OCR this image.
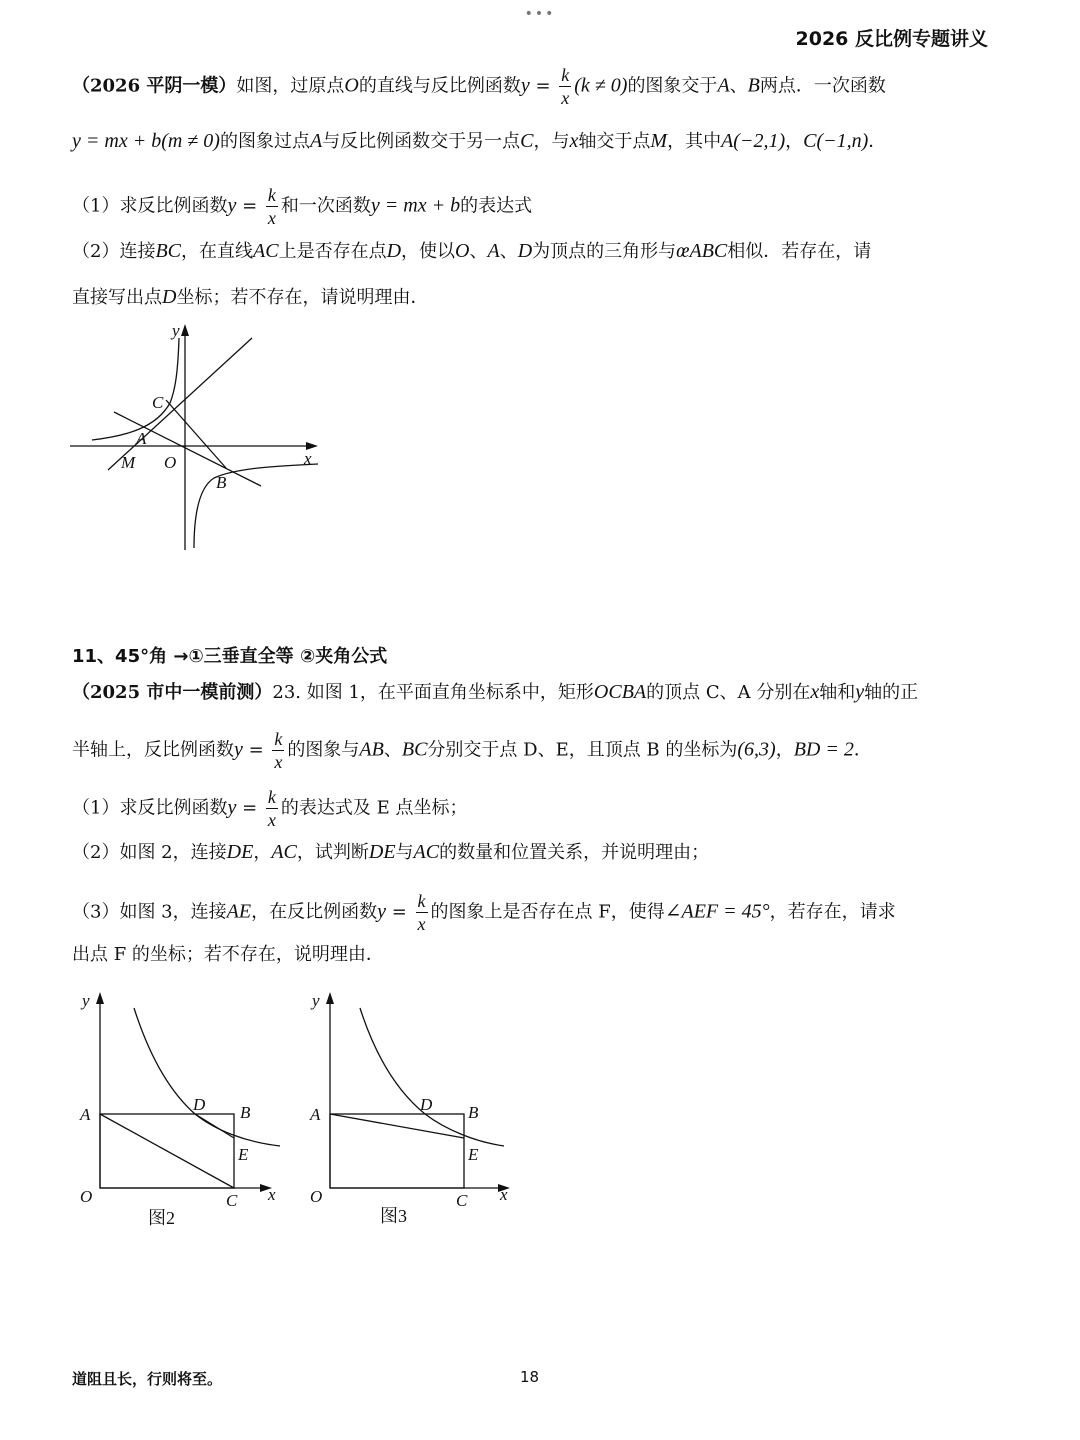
•••
2026 反比例专题讲义
（2026 平阴一模）如图，过原点O的直线与反比例函数$y = \frac{k}{x} (k \ne 0)$的图象交于A、B两点．一次函数
y = mx + b(m ≠ 0)的图象过点A与反比例函数交于另一点C，与x轴交于点M，其中A(−2,1)，C(−1,n)．
（1）求反比例函数$y = \frac{k}{x}$ 和一次函数y = mx + b的表达式
（2）连接BC，在直线AC上是否存在点D，使以O、A、D为顶点的三角形与œABC相似．若存在，请
直接写出点D坐标；若不存在，请说明理由．
y
x
C
A
M O
B
11、45°角 →①三垂直全等 ②夹角公式
（2025 市中一模前测）23. 如图 1，在平面直角坐标系中，矩形OCBA的顶点 C、A 分别在x轴和y轴的正
半轴上，反比例函数$y = \frac{k}{x}$ 的图象与AB、BC分别交于点 D、E，且顶点 B 的坐标为(6,3)，BD = 2．
（1）求反比例函数$y = \frac{k}{x}$ 的表达式及 E 点坐标；
（2）如图 2，连接DE，AC，试判断DE与AC的数量和位置关系，并说明理由；
（3）如图 3，连接AE，在反比例函数$y = \frac{k}{x}$ 的图象上是否存在点 F，使得∠AEF = 45°，若存在，请求
出点 F 的坐标；若不存在，说明理由．
y
A
D B
E
O	C x
图2
y
A
D B
E
O	C x
图3
道阻且长，行则将至。	18
